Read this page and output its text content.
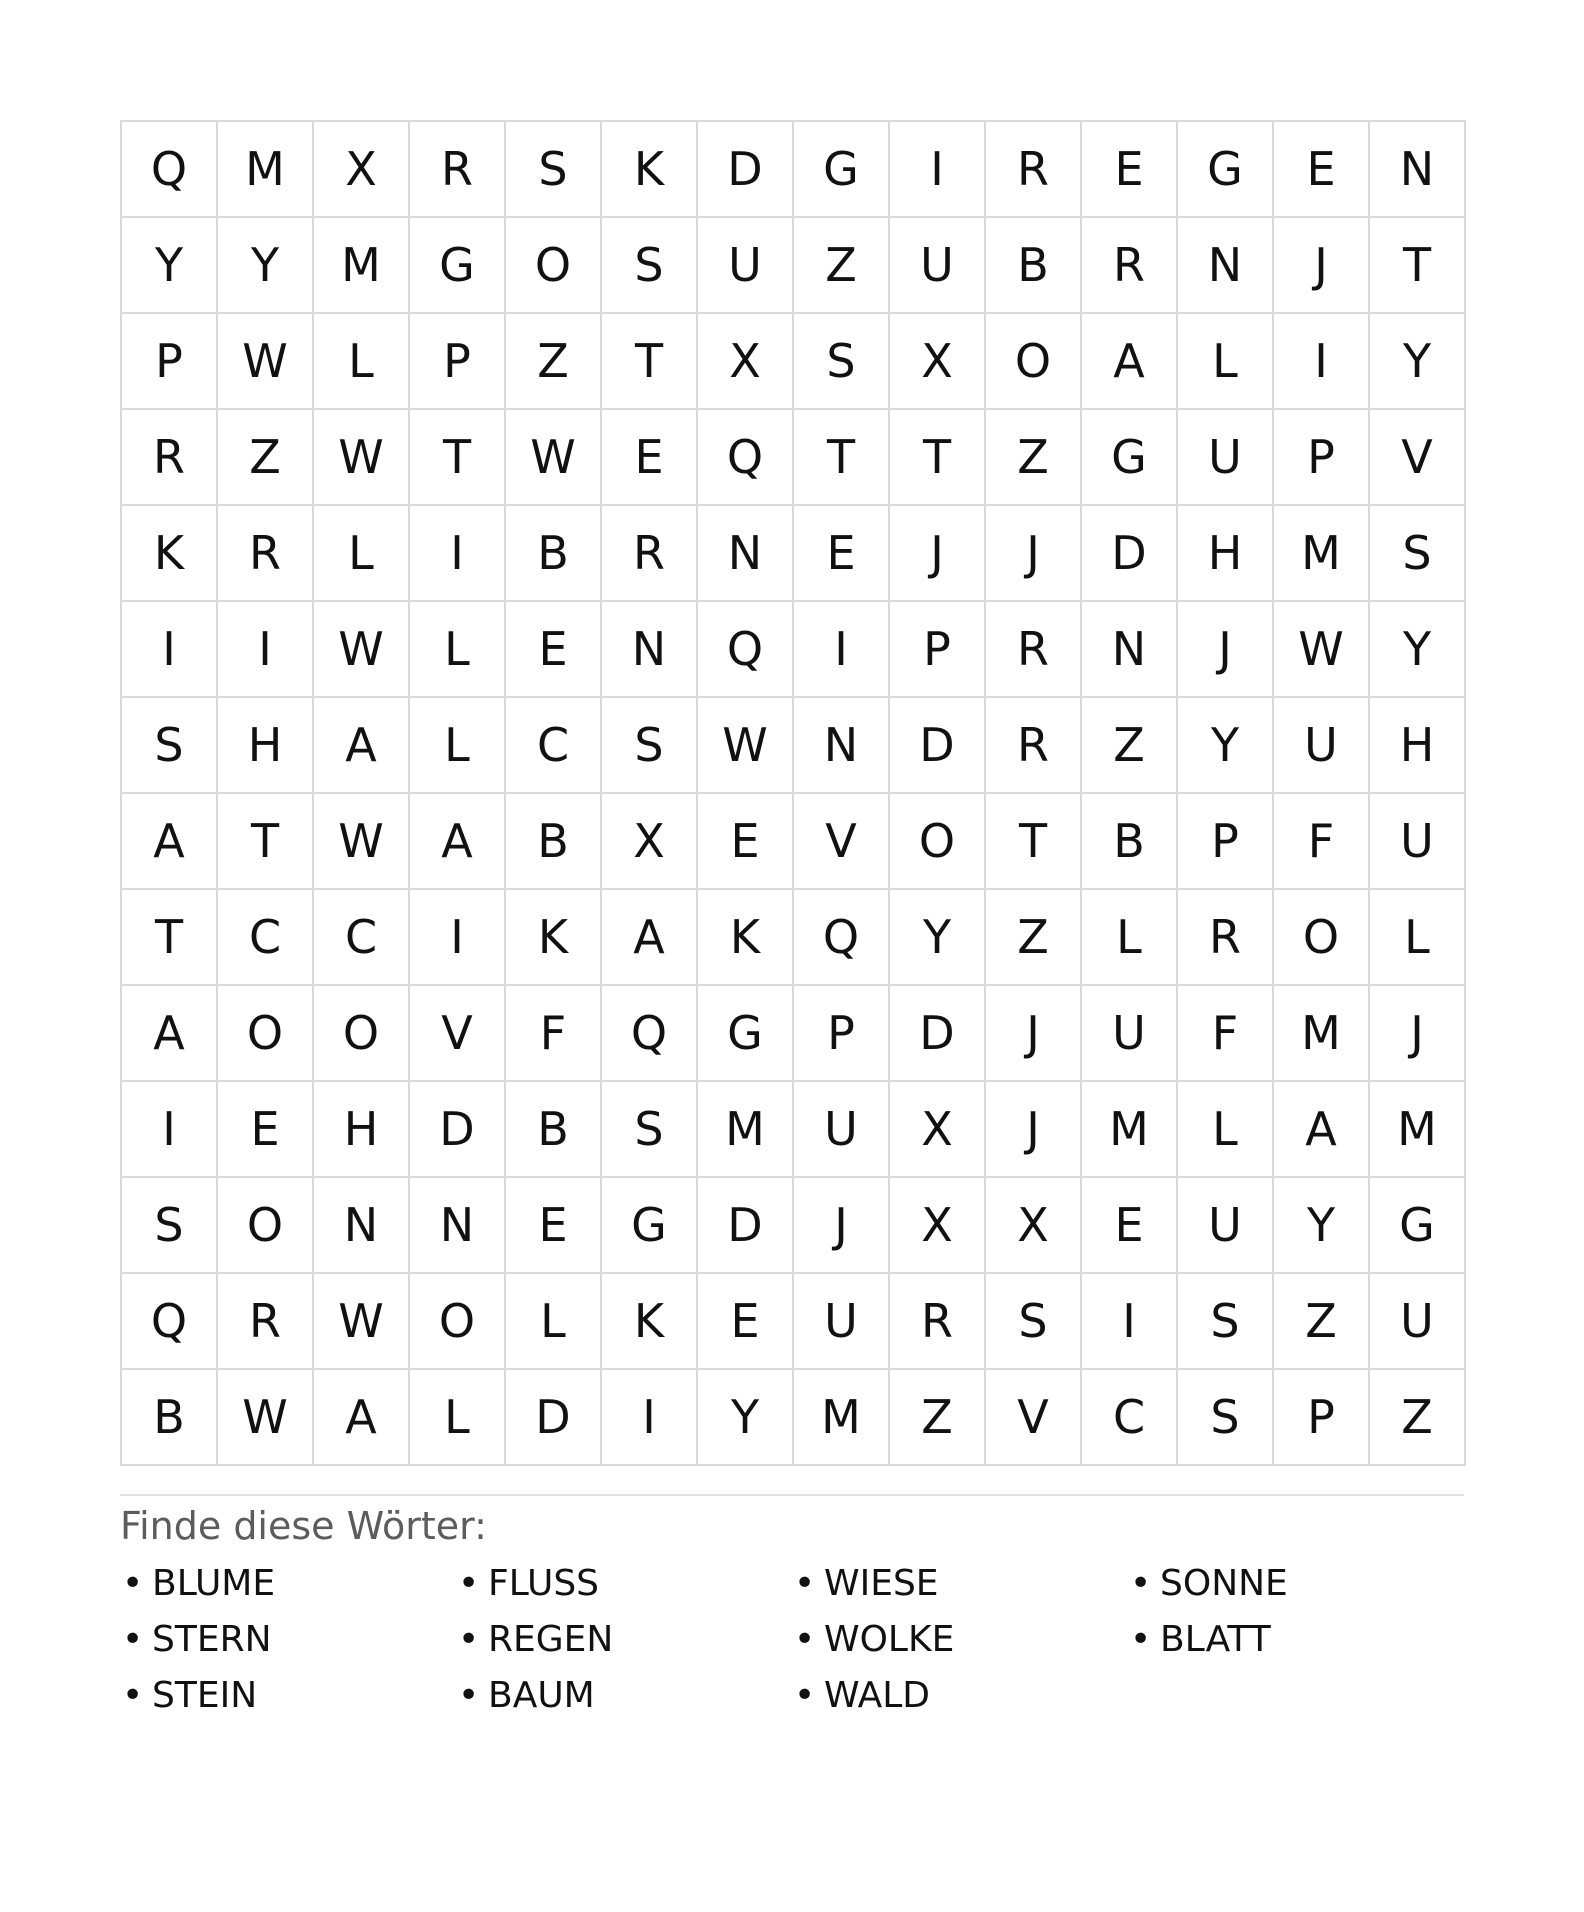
Q	M	X	R	S	K	D	G	I	R	E	G	E	N
Y	Y	M	G	O	S	U	Z	U	B	R	N	J	T
P	W	L	P	Z	T	X	S	X	O	A	L	I	Y
R	Z	W	T	W	E	Q	T	T	Z	G	U	P	V
K	R	L	I	B	R	N	E	J	J	D	H	M	S
I	I	W	L	E	N	Q	I	P	R	N	J	W	Y
S	H	A	L	C	S	W	N	D	R	Z	Y	U	H
A	T	W	A	B	X	E	V	O	T	B	P	F	U
T	C	C	I	K	A	K	Q	Y	Z	L	R	O	L
A	O	O	V	F	Q	G	P	D	J	U	F	M	J
I	E	H	D	B	S	M	U	X	J	M	L	A	M
S	O	N	N	E	G	D	J	X	X	E	U	Y	G
Q	R	W	O	L	K	E	U	R	S	I	S	Z	U
B	W	A	L	D	I	Y	M	Z	V	C	S	P	Z
Finde diese Wörter:
• BLUME	• FLUSS	• WIESE	• SONNE
• STERN	• REGEN	• WOLKE	• BLATT
• STEIN	• BAUM	• WALD
